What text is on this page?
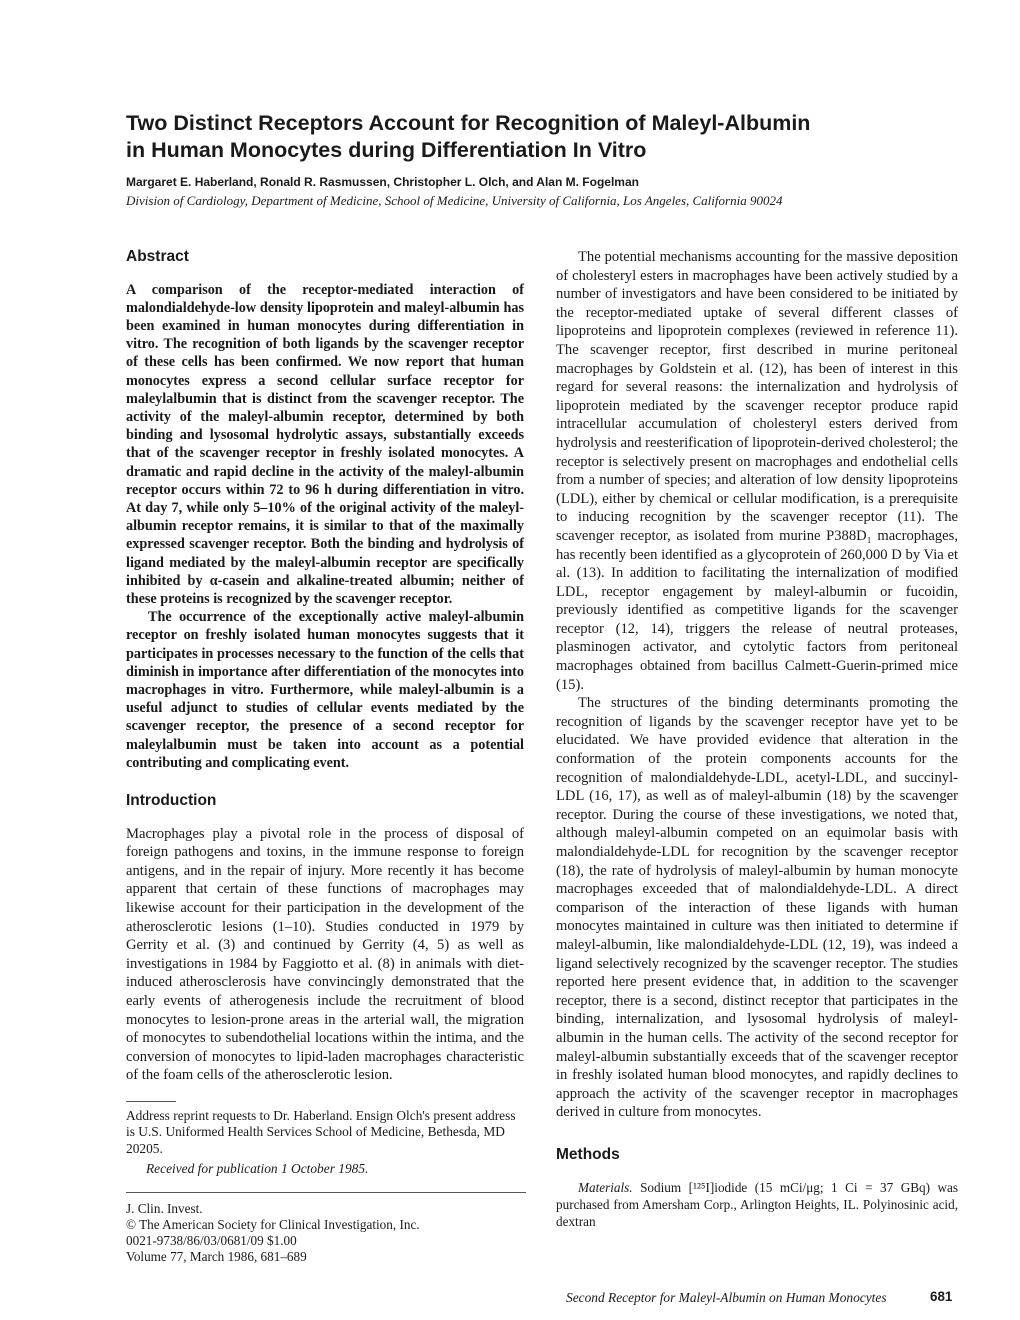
Two Distinct Receptors Account for Recognition of Maleyl-Albumin
in Human Monocytes during Differentiation In Vitro
Margaret E. Haberland, Ronald R. Rasmussen, Christopher L. Olch, and Alan M. Fogelman
Division of Cardiology, Department of Medicine, School of Medicine, University of California, Los Angeles, California 90024
Abstract

A comparison of the receptor-mediated interaction of malondialdehyde-low density lipoprotein and maleyl-albumin has been examined in human monocytes during differentiation in vitro. The recognition of both ligands by the scavenger receptor of these cells has been confirmed. We now report that human monocytes express a second cellular surface receptor for maleylalbumin that is distinct from the scavenger receptor. The activity of the maleyl-albumin receptor, determined by both binding and lysosomal hydrolytic assays, substantially exceeds that of the scavenger receptor in freshly isolated monocytes. A dramatic and rapid decline in the activity of the maleyl-albumin receptor occurs within 72 to 96 h during differentiation in vitro. At day 7, while only 5–10% of the original activity of the maleyl-albumin receptor remains, it is similar to that of the maximally expressed scavenger receptor. Both the binding and hydrolysis of ligand mediated by the maleyl-albumin receptor are specifically inhibited by α-casein and alkaline-treated albumin; neither of these proteins is recognized by the scavenger receptor.

The occurrence of the exceptionally active maleyl-albumin receptor on freshly isolated human monocytes suggests that it participates in processes necessary to the function of the cells that diminish in importance after differentiation of the monocytes into macrophages in vitro. Furthermore, while maleyl-albumin is a useful adjunct to studies of cellular events mediated by the scavenger receptor, the presence of a second receptor for maleylalbumin must be taken into account as a potential contributing and complicating event.

Introduction

Macrophages play a pivotal role in the process of disposal of foreign pathogens and toxins, in the immune response to foreign antigens, and in the repair of injury. More recently it has become apparent that certain of these functions of macrophages may likewise account for their participation in the development of the atherosclerotic lesions (1–10). Studies conducted in 1979 by Gerrity et al. (3) and continued by Gerrity (4, 5) as well as investigations in 1984 by Faggiotto et al. (8) in animals with diet-induced atherosclerosis have convincingly demonstrated that the early events of atherogenesis include the recruitment of blood monocytes to lesion-prone areas in the arterial wall, the migration of monocytes to subendothelial locations within the intima, and the conversion of monocytes to lipid-laden macrophages characteristic of the foam cells of the atherosclerotic lesion.

Address reprint requests to Dr. Haberland. Ensign Olch's present address is U.S. Uniformed Health Services School of Medicine, Bethesda, MD 20205.

Received for publication 1 October 1985.

J. Clin. Invest.
© The American Society for Clinical Investigation, Inc.
0021-9738/86/03/0681/09 $1.00
Volume 77, March 1986, 681–689

The potential mechanisms accounting for the massive deposition of cholesteryl esters in macrophages have been actively studied by a number of investigators and have been considered to be initiated by the receptor-mediated uptake of several different classes of lipoproteins and lipoprotein complexes (reviewed in reference 11). The scavenger receptor, first described in murine peritoneal macrophages by Goldstein et al. (12), has been of interest in this regard for several reasons: the internalization and hydrolysis of lipoprotein mediated by the scavenger receptor produce rapid intracellular accumulation of cholesteryl esters derived from hydrolysis and reesterification of lipoprotein-derived cholesterol; the receptor is selectively present on macrophages and endothelial cells from a number of species; and alteration of low density lipoproteins (LDL), either by chemical or cellular modification, is a prerequisite to inducing recognition by the scavenger receptor (11). The scavenger receptor, as isolated from murine P388D₁ macrophages, has recently been identified as a glycoprotein of 260,000 D by Via et al. (13). In addition to facilitating the internalization of modified LDL, receptor engagement by maleyl-albumin or fucoidin, previously identified as competitive ligands for the scavenger receptor (12, 14), triggers the release of neutral proteases, plasminogen activator, and cytolytic factors from peritoneal macrophages obtained from bacillus Calmett-Guerin-primed mice (15).

The structures of the binding determinants promoting the recognition of ligands by the scavenger receptor have yet to be elucidated. We have provided evidence that alteration in the conformation of the protein components accounts for the recognition of malondialdehyde-LDL, acetyl-LDL, and succinyl-LDL (16, 17), as well as of maleyl-albumin (18) by the scavenger receptor. During the course of these investigations, we noted that, although maleyl-albumin competed on an equimolar basis with malondialdehyde-LDL for recognition by the scavenger receptor (18), the rate of hydrolysis of maleyl-albumin by human monocyte macrophages exceeded that of malondialdehyde-LDL. A direct comparison of the interaction of these ligands with human monocytes maintained in culture was then initiated to determine if maleyl-albumin, like malondialdehyde-LDL (12, 19), was indeed a ligand selectively recognized by the scavenger receptor. The studies reported here present evidence that, in addition to the scavenger receptor, there is a second, distinct receptor that participates in the binding, internalization, and lysosomal hydrolysis of maleyl-albumin in the human cells. The activity of the second receptor for maleyl-albumin substantially exceeds that of the scavenger receptor in freshly isolated human blood monocytes, and rapidly declines to approach the activity of the scavenger receptor in macrophages derived in culture from monocytes.

Methods

Materials. Sodium [¹²⁵I]iodide (15 mCi/μg; 1 Ci = 37 GBq) was purchased from Amersham Corp., Arlington Heights, IL. Polyinosinic acid, dextran

Second Receptor for Maleyl-Albumin on Human Monocytes	681
